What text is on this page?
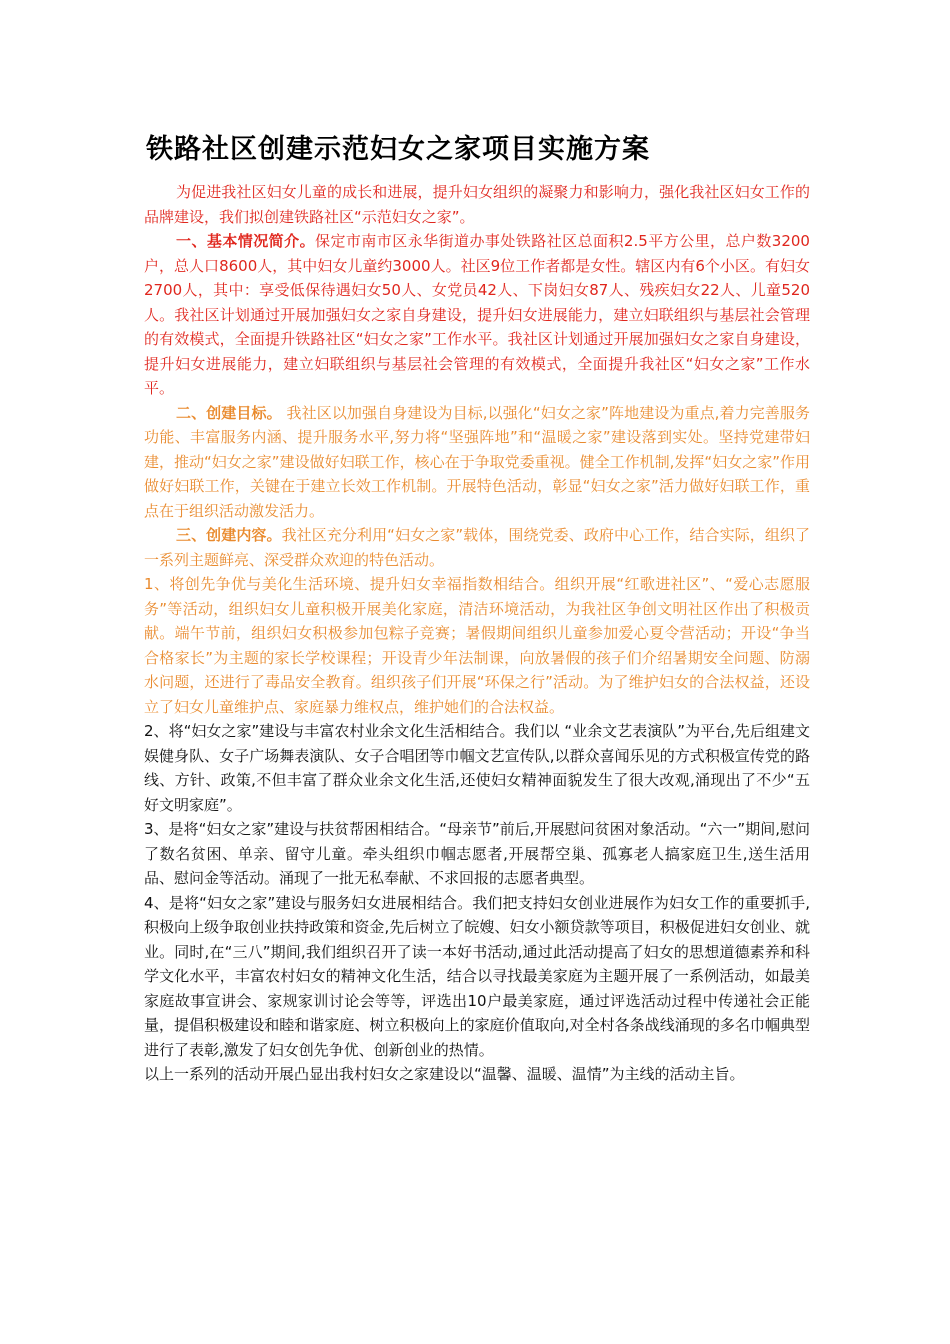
铁路社区创建示范妇女之家项目实施方案

为促进我社区妇女儿童的成长和进展，提升妇女组织的凝聚力和影响力，强化我社区妇女工作的品牌建设，我们拟创建铁路社区“示范妇女之家”。

一、基本情况简介。保定市南市区永华街道办事处铁路社区总面积2.5平方公里，总户数3200户，总人口8600人，其中妇女儿童约3000人。社区9位工作者都是女性。辖区内有6个小区。有妇女2700人，其中：享受低保待遇妇女50人、女党员42人、下岗妇女87人、残疾妇女22人、儿童520人。我社区计划通过开展加强妇女之家自身建设，提升妇女进展能力，建立妇联组织与基层社会管理的有效模式，全面提升铁路社区“妇女之家”工作水平。我社区计划通过开展加强妇女之家自身建设，提升妇女进展能力，建立妇联组织与基层社会管理的有效模式，全面提升我社区“妇女之家”工作水平。

二、创建目标。 我社区以加强自身建设为目标,以强化“妇女之家”阵地建设为重点,着力完善服务功能、丰富服务内涵、提升服务水平,努力将“坚强阵地”和“温暖之家”建设落到实处。坚持党建带妇建，推动“妇女之家”建设做好妇联工作，核心在于争取党委重视。健全工作机制,发挥“妇女之家”作用做好妇联工作，关键在于建立长效工作机制。开展特色活动，彰显“妇女之家”活力做好妇联工作，重点在于组织活动激发活力。

三、创建内容。我社区充分利用“妇女之家”载体，围绕党委、政府中心工作，结合实际，组织了一系列主题鲜亮、深受群众欢迎的特色活动。

1、将创先争优与美化生活环境、提升妇女幸福指数相结合。组织开展“红歌进社区”、“爱心志愿服务”等活动，组织妇女儿童积极开展美化家庭，清洁环境活动，为我社区争创文明社区作出了积极贡献。端午节前，组织妇女积极参加包粽子竞赛；暑假期间组织儿童参加爱心夏令营活动；开设“争当合格家长”为主题的家长学校课程；开设青少年法制课，向放暑假的孩子们介绍暑期安全问题、防溺水问题，还进行了毒品安全教育。组织孩子们开展“环保之行”活动。为了维护妇女的合法权益，还设立了妇女儿童维护点、家庭暴力维权点，维护她们的合法权益。

2、将“妇女之家”建设与丰富农村业余文化生活相结合。我们以 “业余文艺表演队”为平台,先后组建文娱健身队、女子广场舞表演队、女子合唱团等巾帼文艺宣传队,以群众喜闻乐见的方式积极宣传党的路线、方针、政策,不但丰富了群众业余文化生活,还使妇女精神面貌发生了很大改观,涌现出了不少“五好文明家庭”。

3、是将“妇女之家”建设与扶贫帮困相结合。“母亲节”前后,开展慰问贫困对象活动。“六一”期间,慰问了数名贫困、单亲、留守儿童。牵头组织巾帼志愿者,开展帮空巢、孤寡老人搞家庭卫生,送生活用品、慰问金等活动。涌现了一批无私奉献、不求回报的志愿者典型。

4、是将“妇女之家”建设与服务妇女进展相结合。我们把支持妇女创业进展作为妇女工作的重要抓手,积极向上级争取创业扶持政策和资金,先后树立了皖嫂、妇女小额贷款等项目，积极促进妇女创业、就业。同时,在“三八”期间,我们组织召开了读一本好书活动,通过此活动提高了妇女的思想道德素养和科学文化水平，丰富农村妇女的精神文化生活，结合以寻找最美家庭为主题开展了一系例活动，如最美家庭故事宣讲会、家规家训讨论会等等，评选出10户最美家庭，通过评选活动过程中传递社会正能量，提倡积极建设和睦和谐家庭、树立积极向上的家庭价值取向,对全村各条战线涌现的多名巾帼典型进行了表彰,激发了妇女创先争优、创新创业的热情。

以上一系列的活动开展凸显出我村妇女之家建设以“温馨、温暖、温情”为主线的活动主旨。
